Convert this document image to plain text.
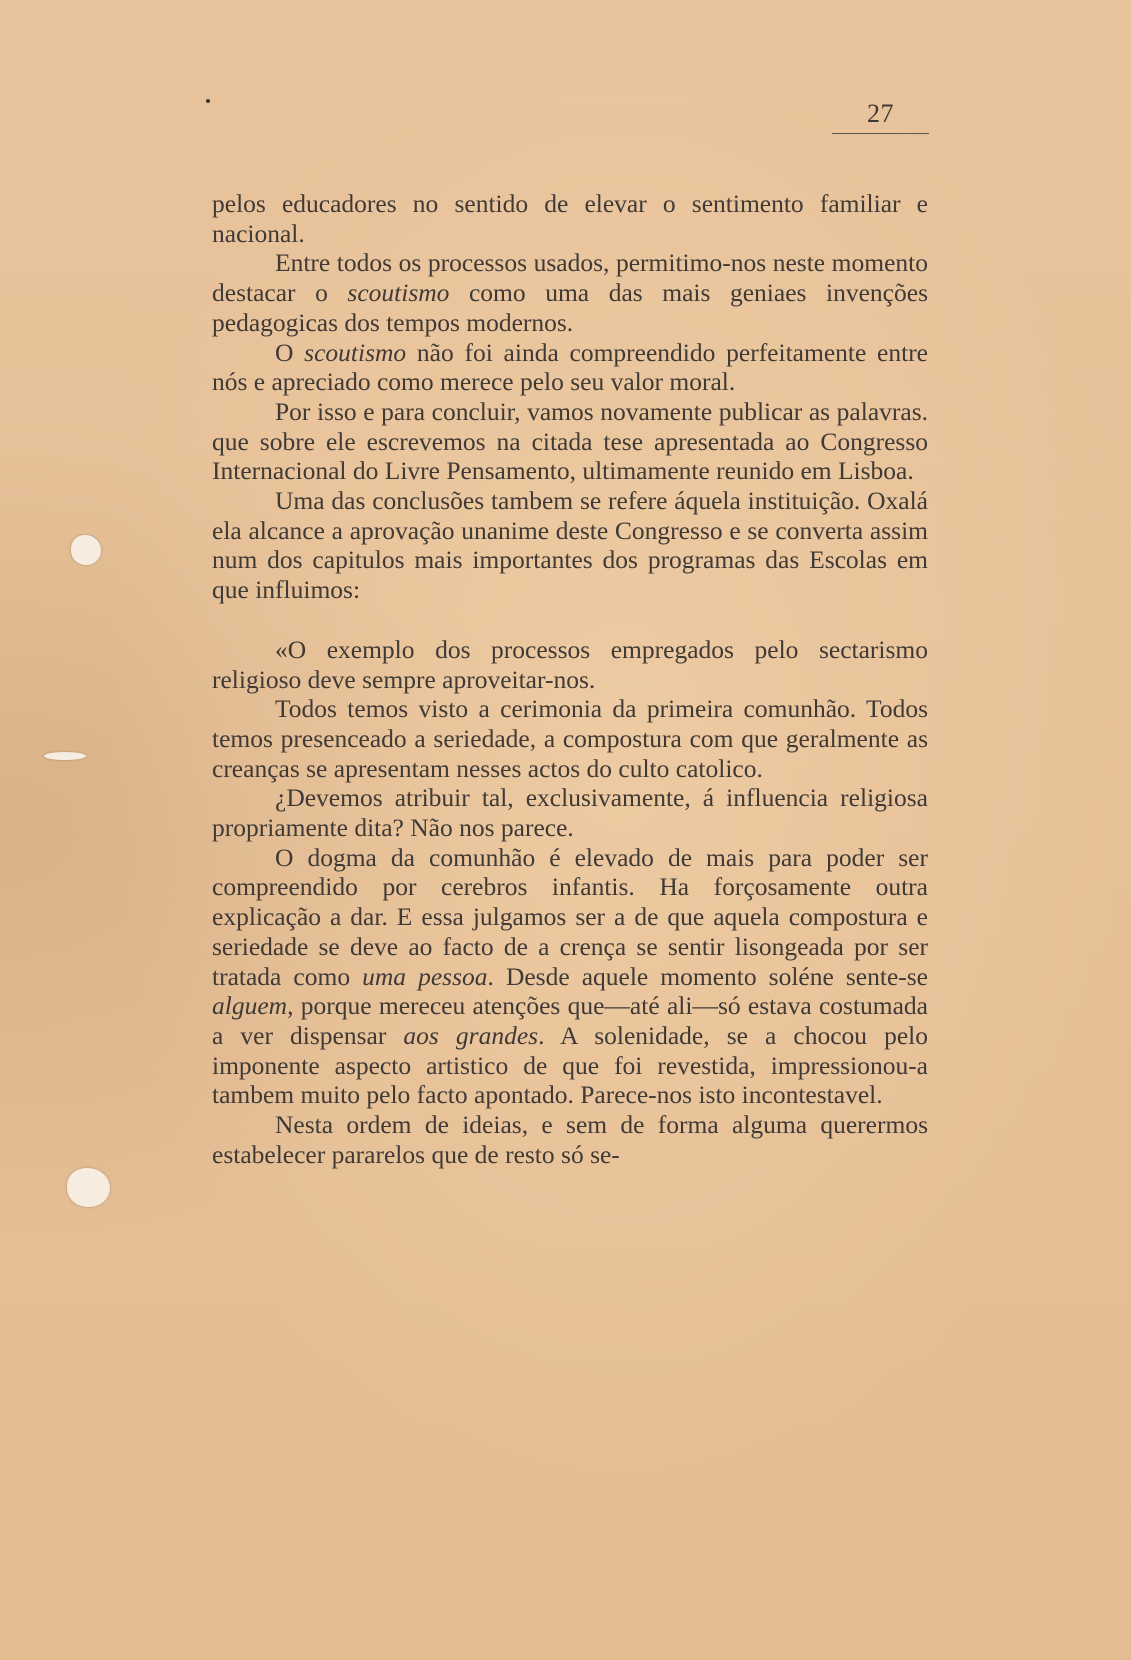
27

pelos educadores no sentido de elevar o sentimento familiar e nacional.

Entre todos os processos usados, permitimo-nos neste momento destacar o scoutismo como uma das mais geniaes invenções pedagogicas dos tempos modernos.

O scoutismo não foi ainda compreendido perfeitamente entre nós e apreciado como merece pelo seu valor moral.

Por isso e para concluir, vamos novamente publicar as palavras. que sobre ele escrevemos na citada tese apresentada ao Congresso Internacional do Livre Pensamento, ultimamente reunido em Lisboa.

Uma das conclusões tambem se refere áquela instituição. Oxalá ela alcance a aprovação unanime deste Congresso e se converta assim num dos capitulos mais importantes dos programas das Escolas em que influimos:

«O exemplo dos processos empregados pelo sectarismo religioso deve sempre aproveitar-nos.

Todos temos visto a cerimonia da primeira comunhão. Todos temos presenceado a seriedade, a compostura com que geralmente as creanças se apresentam nesses actos do culto catolico.

¿Devemos atribuir tal, exclusivamente, á influencia religiosa propriamente dita? Não nos parece.

O dogma da comunhão é elevado de mais para poder ser compreendido por cerebros infantis. Ha forçosamente outra explicação a dar. E essa julgamos ser a de que aquela compostura e seriedade se deve ao facto de a crença se sentir lisongeada por ser tratada como uma pessoa. Desde aquele momento soléne sente-se alguem, porque mereceu atenções que—até ali—só estava costumada a ver dispensar aos grandes. A solenidade, se a chocou pelo imponente aspecto artistico de que foi revestida, impressionou-a tambem muito pelo facto apontado. Parece-nos isto incontestavel.

Nesta ordem de ideias, e sem de forma alguma querermos estabelecer pararelos que de resto só se-
